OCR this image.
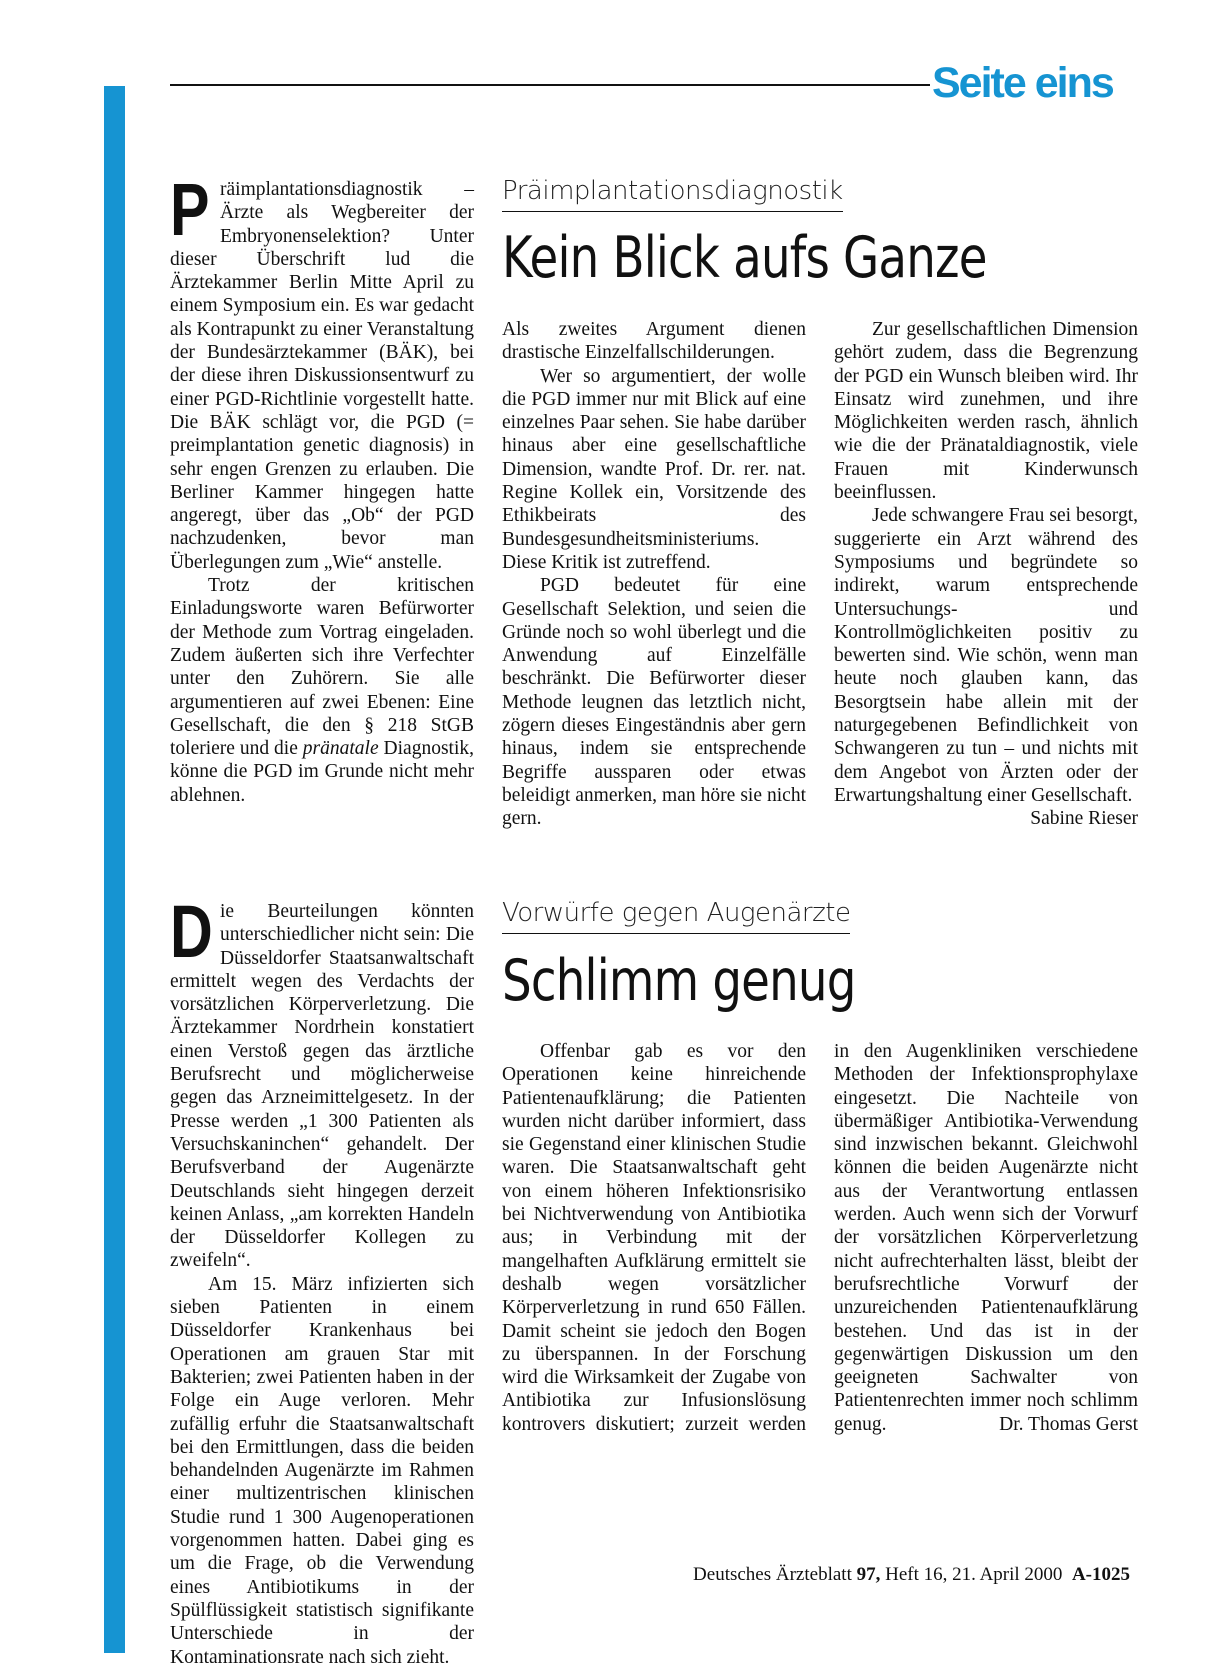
Seite eins

Präimplantationsdiagnostik – Ärzte als Wegbereiter der Embryonenselektion? Unter dieser Überschrift lud die Ärztekammer Berlin Mitte April zu einem Symposium ein. Es war gedacht als Kontrapunkt zu einer Veranstaltung der Bundesärztekammer (BÄK), bei der diese ihren Diskussionsentwurf zu einer PGD-Richtlinie vorgestellt hatte. Die BÄK schlägt vor, die PGD (= preimplantation genetic diagnosis) in sehr engen Grenzen zu erlauben. Die Berliner Kammer hingegen hatte angeregt, über das „Ob“ der PGD nachzudenken, bevor man Überlegungen zum „Wie“ anstelle.

Trotz der kritischen Einladungsworte waren Befürworter der Methode zum Vortrag eingeladen. Zudem äußerten sich ihre Verfechter unter den Zuhörern. Sie alle argumentieren auf zwei Ebenen: Eine Gesellschaft, die den § 218 StGB toleriere und die pränatale Diagnostik, könne die PGD im Grunde nicht mehr ablehnen.

Präimplantationsdiagnostik
Kein Blick aufs Ganze

Als zweites Argument dienen drastische Einzelfallschilderungen.

Wer so argumentiert, der wolle die PGD immer nur mit Blick auf eine einzelnes Paar sehen. Sie habe darüber hinaus aber eine gesellschaftliche Dimension, wandte Prof. Dr. rer. nat. Regine Kollek ein, Vorsitzende des Ethikbeirats des Bundesgesundheitsministeriums. Diese Kritik ist zutreffend.

PGD bedeutet für eine Gesellschaft Selektion, und seien die Gründe noch so wohl überlegt und die Anwendung auf Einzelfälle beschränkt. Die Befürworter dieser Methode leugnen das letztlich nicht, zögern dieses Eingeständnis aber gern hinaus, indem sie entsprechende Begriffe aussparen oder etwas beleidigt anmerken, man höre sie nicht gern.

Zur gesellschaftlichen Dimension gehört zudem, dass die Begrenzung der PGD ein Wunsch bleiben wird. Ihr Einsatz wird zunehmen, und ihre Möglichkeiten werden rasch, ähnlich wie die der Pränataldiagnostik, viele Frauen mit Kinderwunsch beeinflussen.

Jede schwangere Frau sei besorgt, suggerierte ein Arzt während des Symposiums und begründete so indirekt, warum entsprechende Untersuchungs- und Kontrollmöglichkeiten positiv zu bewerten sind. Wie schön, wenn man heute noch glauben kann, das Besorgtsein habe allein mit der naturgegebenen Befindlichkeit von Schwangeren zu tun – und nichts mit dem Angebot von Ärzten oder der Erwartungshaltung einer Gesellschaft.
Sabine Rieser

Die Beurteilungen könnten unterschiedlicher nicht sein: Die Düsseldorfer Staatsanwaltschaft ermittelt wegen des Verdachts der vorsätzlichen Körperverletzung. Die Ärztekammer Nordrhein konstatiert einen Verstoß gegen das ärztliche Berufsrecht und möglicherweise gegen das Arzneimittelgesetz. In der Presse werden „1 300 Patienten als Versuchskaninchen“ gehandelt. Der Berufsverband der Augenärzte Deutschlands sieht hingegen derzeit keinen Anlass, „am korrekten Handeln der Düsseldorfer Kollegen zu zweifeln“.

Am 15. März infizierten sich sieben Patienten in einem Düsseldorfer Krankenhaus bei Operationen am grauen Star mit Bakterien; zwei Patienten haben in der Folge ein Auge verloren. Mehr zufällig erfuhr die Staatsanwaltschaft bei den Ermittlungen, dass die beiden behandelnden Augenärzte im Rahmen einer multizentrischen klinischen Studie rund 1 300 Augenoperationen vorgenommen hatten. Dabei ging es um die Frage, ob die Verwendung eines Antibiotikums in der Spülflüssigkeit statistisch signifikante Unterschiede in der Kontaminationsrate nach sich zieht.

Vorwürfe gegen Augenärzte
Schlimm genug

Offenbar gab es vor den Operationen keine hinreichende Patientenaufklärung; die Patienten wurden nicht darüber informiert, dass sie Gegenstand einer klinischen Studie waren. Die Staatsanwaltschaft geht von einem höheren Infektionsrisiko bei Nichtverwendung von Antibiotika aus; in Verbindung mit der mangelhaften Aufklärung ermittelt sie deshalb wegen vorsätzlicher Körperverletzung in rund 650 Fällen. Damit scheint sie jedoch den Bogen zu überspannen. In der Forschung wird die Wirksamkeit der Zugabe von Antibiotika zur Infusionslösung kontrovers diskutiert; zurzeit werden in den Augenkliniken verschiedene Methoden der Infektionsprophylaxe eingesetzt. Die Nachteile von übermäßiger Antibiotika-Verwendung sind inzwischen bekannt. Gleichwohl können die beiden Augenärzte nicht aus der Verantwortung entlassen werden. Auch wenn sich der Vorwurf der vorsätzlichen Körperverletzung nicht aufrechterhalten lässt, bleibt der berufsrechtliche Vorwurf der unzureichenden Patientenaufklärung bestehen. Und das ist in der gegenwärtigen Diskussion um den geeigneten Sachwalter von Patientenrechten immer noch schlimm genug.	Dr. Thomas Gerst

Deutsches Ärzteblatt 97, Heft 16, 21. April 2000 A-1025
